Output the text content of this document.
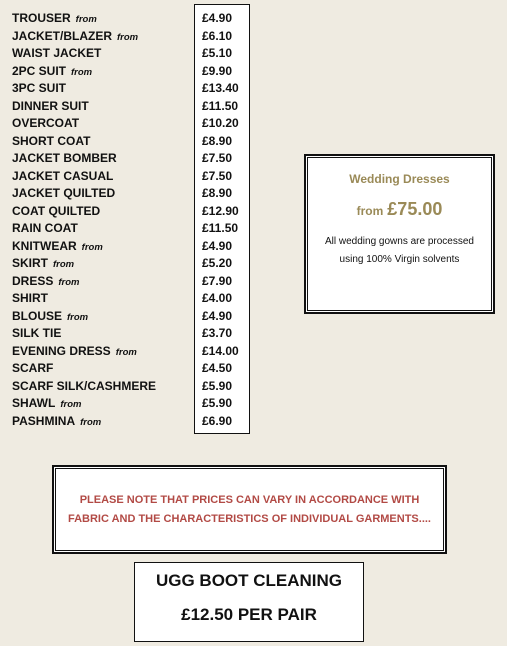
TROUSER from
JACKET/BLAZER from
WAIST JACKET
2PC SUIT from
3PC SUIT
DINNER SUIT
OVERCOAT
SHORT COAT
JACKET BOMBER
JACKET CASUAL
JACKET QUILTED
COAT QUILTED
RAIN COAT
KNITWEAR from
SKIRT from
DRESS from
SHIRT
BLOUSE from
SILK TIE
EVENING DRESS from
SCARF
SCARF SILK/CASHMERE
SHAWL from
PASHMINA from
£4.90
£6.10
£5.10
£9.90
£13.40
£11.50
£10.20
£8.90
£7.50
£7.50
£8.90
£12.90
£11.50
£4.90
£5.20
£7.90
£4.00
£4.90
£3.70
£14.00
£4.50
£5.90
£5.90
£6.90
Wedding Dresses
from £75.00
All wedding gowns are processed using 100% Virgin solvents
PLEASE NOTE THAT PRICES CAN VARY IN ACCORDANCE WITH FABRIC AND THE CHARACTERISTICS OF INDIVIDUAL GARMENTS....
UGG BOOT CLEANING
£12.50 PER PAIR
